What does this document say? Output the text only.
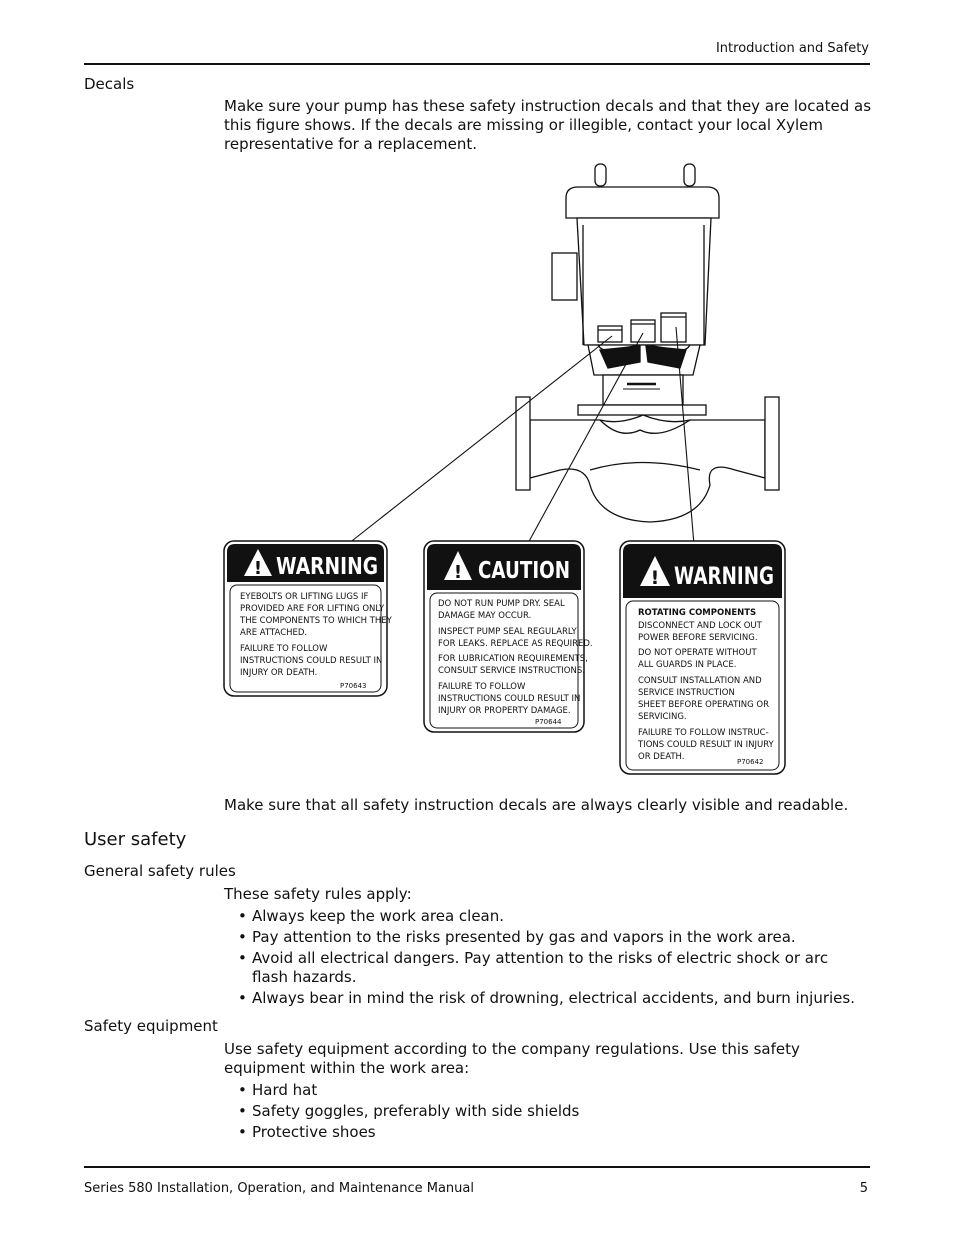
Introduction and Safety
Decals
Make sure your pump has these safety instruction decals and that they are located as this figure shows. If the decals are missing or illegible, contact your local Xylem representative for a replacement.
! WARNING
EYEBOLTS OR LIFTING LUGS IF
PROVIDED ARE FOR LIFTING ONLY
THE COMPONENTS TO WHICH THEY
ARE ATTACHED.
FAILURE TO FOLLOW
INSTRUCTIONS COULD RESULT IN
INJURY OR DEATH.
P70643
! CAUTION
DO NOT RUN PUMP DRY. SEAL
DAMAGE MAY OCCUR.
INSPECT PUMP SEAL REGULARLY
FOR LEAKS. REPLACE AS REQUIRED.
FOR LUBRICATION REQUIREMENTS,
CONSULT SERVICE INSTRUCTIONS.
FAILURE TO FOLLOW
INSTRUCTIONS COULD RESULT IN
INJURY OR PROPERTY DAMAGE.
P70644
! WARNING
ROTATING COMPONENTS
DISCONNECT AND LOCK OUT
POWER BEFORE SERVICING.
DO NOT OPERATE WITHOUT
ALL GUARDS IN PLACE.
CONSULT INSTALLATION AND
SERVICE INSTRUCTION
SHEET BEFORE OPERATING OR
SERVICING.
FAILURE TO FOLLOW INSTRUC-
TIONS COULD RESULT IN INJURY
OR DEATH.	P70642
Make sure that all safety instruction decals are always clearly visible and readable.
User safety
General safety rules
These safety rules apply:
• Always keep the work area clean.
• Pay attention to the risks presented by gas and vapors in the work area.
• Avoid all electrical dangers. Pay attention to the risks of electric shock or arc flash hazards.
• Always bear in mind the risk of drowning, electrical accidents, and burn injuries.
Safety equipment
Use safety equipment according to the company regulations. Use this safety equipment within the work area:
• Hard hat
• Safety goggles, preferably with side shields
• Protective shoes
Series 580 Installation, Operation, and Maintenance Manual	5
